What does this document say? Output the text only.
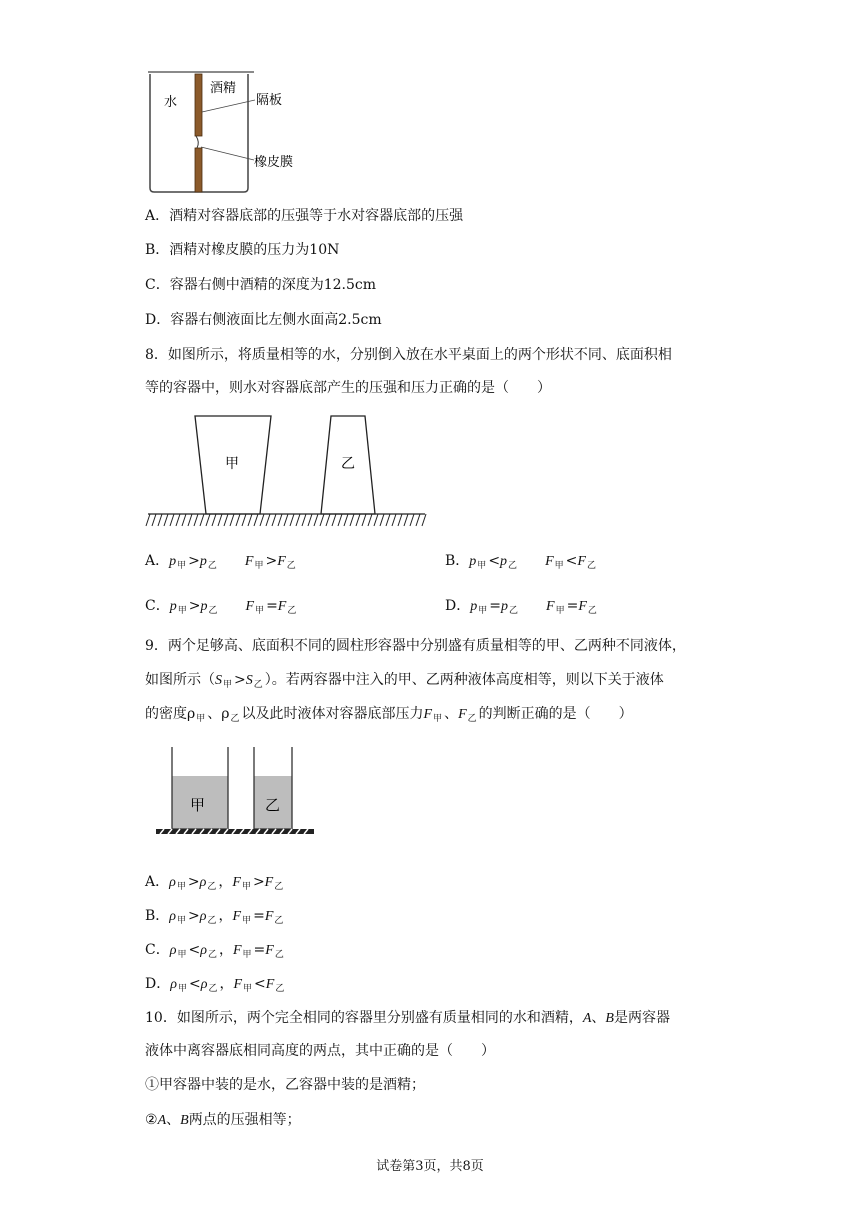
水
酒精
隔板
橡皮膜
A．酒精对容器底部的压强等于水对容器底部的压强
B．酒精对橡皮膜的压力为10N
C．容器右侧中酒精的深度为12.5cm
D．容器右侧液面比左侧水面高2.5cm
8．如图所示，将质量相等的水，分别倒入放在水平桌面上的两个形状不同、底面积相
等的容器中，则水对容器底部产生的压强和压力正确的是（　　）
甲	乙
A．$p_甲 >p_乙$ $F_甲 >F_乙$	B．$p_甲 <p_乙$ $F_甲 <F_乙$
C．$p_甲 >p_乙$ $F_甲 =F_乙$	D．$p_甲 =p_乙$ $F_甲 =F_乙$
9．两个足够高、底面积不同的圆柱形容器中分别盛有质量相等的甲、乙两种不同液体，
如图所示（$S_甲 >S_乙$ ）。若两容器中注入的甲、乙两种液体高度相等，则以下关于液体
的密度$\rho_甲$ 、$\rho_乙$ 以及此时液体对容器底部压力$F_甲$ 、$F_乙$ 的判断正确的是（　　）
甲	乙
A．$\rho_甲 >\rho_乙$ ，$F_甲 >F_乙$
B．$\rho_甲 >\rho_乙$ ，$F_甲 =F_乙$
C．$\rho_甲 <\rho_乙$ ，$F_甲 =F_乙$
D．$\rho_甲 <\rho_乙$ ，$F_甲 <F_乙$
10．如图所示，两个完全相同的容器里分别盛有质量相同的水和酒精，A、B是两容器
液体中离容器底相同高度的两点，其中正确的是（　　）
①甲容器中装的是水，乙容器中装的是酒精；
②A、B两点的压强相等；
试卷第3页，共8页
